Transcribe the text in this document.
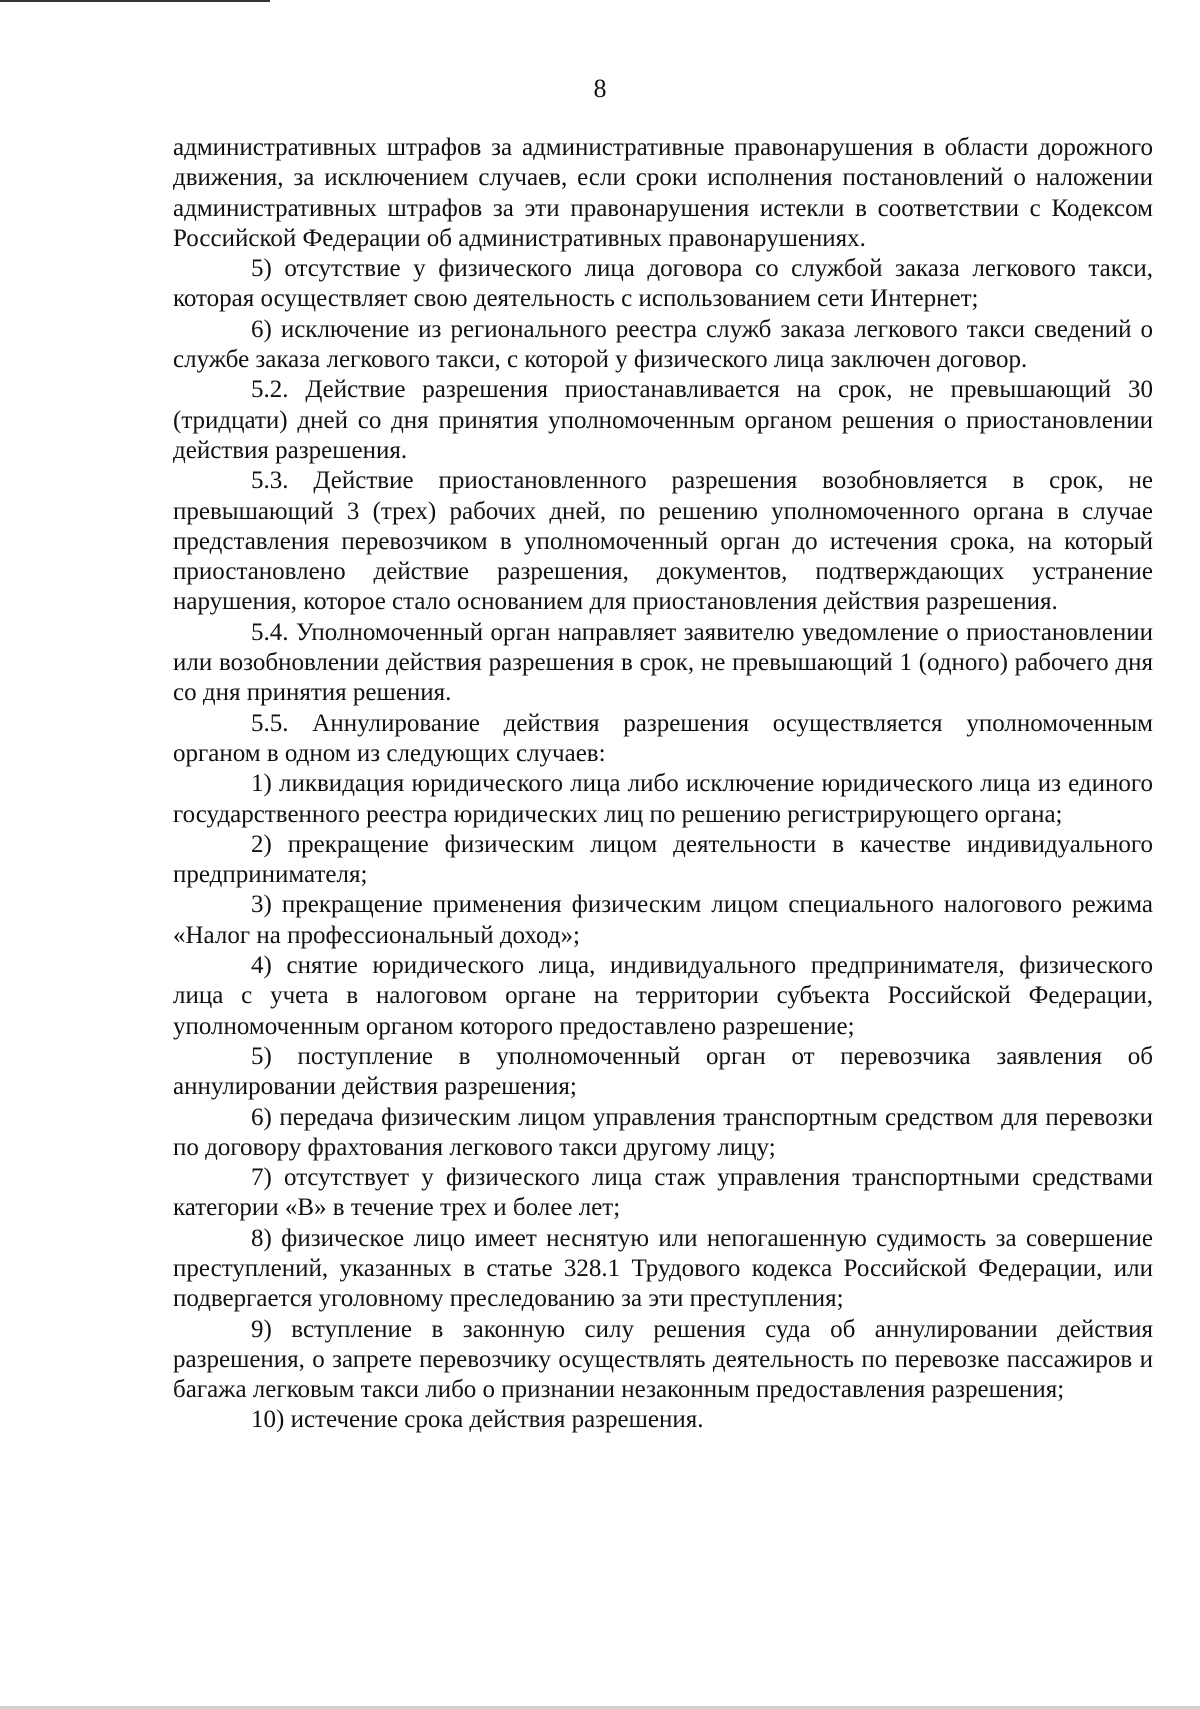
8

административных штрафов за административные правонарушения в области дорожного движения, за исключением случаев, если сроки исполнения постановлений о наложении административных штрафов за эти правонарушения истекли в соответствии с Кодексом Российской Федерации об административных правонарушениях.

5) отсутствие у физического лица договора со службой заказа легкового такси, которая осуществляет свою деятельность с использованием сети Интернет;

6) исключение из регионального реестра служб заказа легкового такси сведений о службе заказа легкового такси, с которой у физического лица заключен договор.

5.2. Действие разрешения приостанавливается на срок, не превышающий 30 (тридцати) дней со дня принятия уполномоченным органом решения о приостановлении действия разрешения.

5.3. Действие приостановленного разрешения возобновляется в срок, не превышающий 3 (трех) рабочих дней, по решению уполномоченного органа в случае представления перевозчиком в уполномоченный орган до истечения срока, на который приостановлено действие разрешения, документов, подтверждающих устранение нарушения, которое стало основанием для приостановления действия разрешения.

5.4. Уполномоченный орган направляет заявителю уведомление о приостановлении или возобновлении действия разрешения в срок, не превышающий 1 (одного) рабочего дня со дня принятия решения.

5.5. Аннулирование действия разрешения осуществляется уполномоченным органом в одном из следующих случаев:

1) ликвидация юридического лица либо исключение юридического лица из единого государственного реестра юридических лиц по решению регистрирующего органа;

2) прекращение физическим лицом деятельности в качестве индивидуального предпринимателя;

3) прекращение применения физическим лицом специального налогового режима «Налог на профессиональный доход»;

4) снятие юридического лица, индивидуального предпринимателя, физического лица с учета в налоговом органе на территории субъекта Российской Федерации, уполномоченным органом которого предоставлено разрешение;

5) поступление в уполномоченный орган от перевозчика заявления об аннулировании действия разрешения;

6) передача физическим лицом управления транспортным средством для перевозки по договору фрахтования легкового такси другому лицу;

7) отсутствует у физического лица стаж управления транспортными средствами категории «В» в течение трех и более лет;

8) физическое лицо имеет неснятую или непогашенную судимость за совершение преступлений, указанных в статье 328.1 Трудового кодекса Российской Федерации, или подвергается уголовному преследованию за эти преступления;

9) вступление в законную силу решения суда об аннулировании действия разрешения, о запрете перевозчику осуществлять деятельность по перевозке пассажиров и багажа легковым такси либо о признании незаконным предоставления разрешения;

10) истечение срока действия разрешения.
